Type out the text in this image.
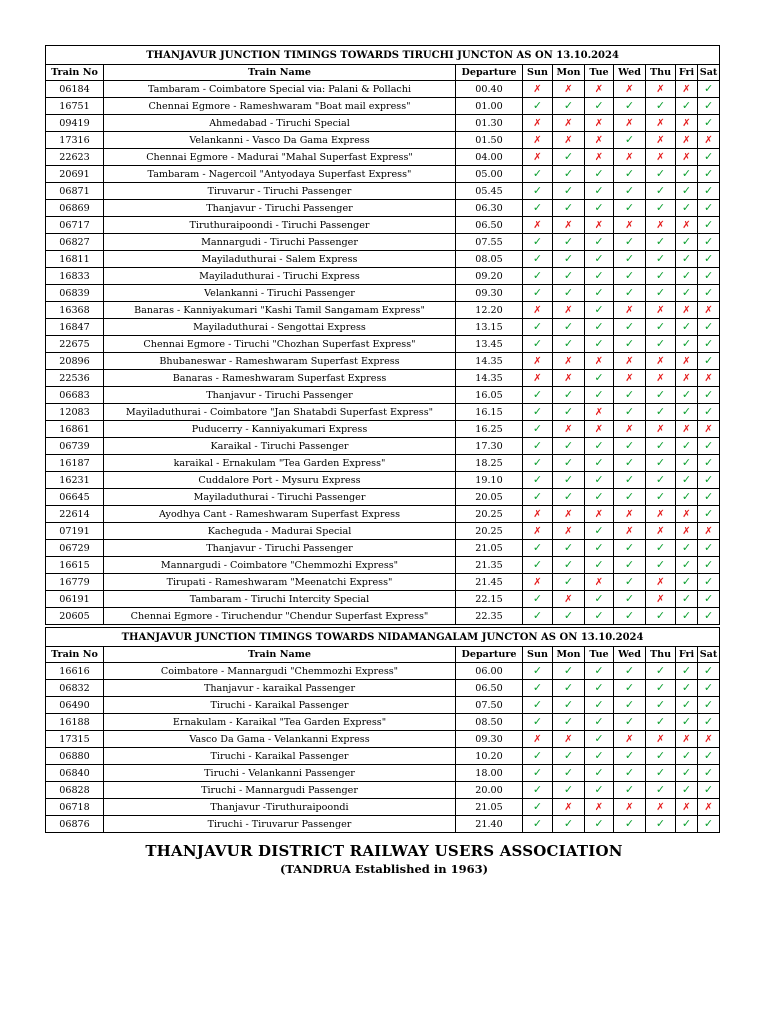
THANJAVUR JUNCTION TIMINGS TOWARDS TIRUCHI JUNCTON AS ON 13.10.2024									
Train No	Train Name	Departure	Sun	Mon	Tue	Wed	Thu	Fri	Sat
06184	Tambaram - Coimbatore Special via: Palani & Pollachi	00.40	✗	✗	✗	✗	✗	✗	✓
16751	Chennai Egmore - Rameshwaram "Boat mail express"	01.00	✓	✓	✓	✓	✓	✓	✓
09419	Ahmedabad - Tiruchi Special	01.30	✗	✗	✗	✗	✗	✗	✓
17316	Velankanni - Vasco Da Gama Express	01.50	✗	✗	✗	✓	✗	✗	✗
22623	Chennai Egmore - Madurai "Mahal Superfast Express"	04.00	✗	✓	✗	✗	✗	✗	✓
20691	Tambaram - Nagercoil "Antyodaya Superfast Express"	05.00	✓	✓	✓	✓	✓	✓	✓
06871	Tiruvarur - Tiruchi Passenger	05.45	✓	✓	✓	✓	✓	✓	✓
06869	Thanjavur - Tiruchi Passenger	06.30	✓	✓	✓	✓	✓	✓	✓
06717	Tiruthuraipoondi - Tiruchi Passenger	06.50	✗	✗	✗	✗	✗	✗	✓
06827	Mannargudi - Tiruchi Passenger	07.55	✓	✓	✓	✓	✓	✓	✓
16811	Mayiladuthurai - Salem Express	08.05	✓	✓	✓	✓	✓	✓	✓
16833	Mayiladuthurai - Tiruchi Express	09.20	✓	✓	✓	✓	✓	✓	✓
06839	Velankanni - Tiruchi Passenger	09.30	✓	✓	✓	✓	✓	✓	✓
16368	Banaras - Kanniyakumari "Kashi Tamil Sangamam Express"	12.20	✗	✗	✓	✗	✗	✗	✗
16847	Mayiladuthurai - Sengottai Express	13.15	✓	✓	✓	✓	✓	✓	✓
22675	Chennai Egmore - Tiruchi "Chozhan Superfast Express"	13.45	✓	✓	✓	✓	✓	✓	✓
20896	Bhubaneswar - Rameshwaram Superfast Express	14.35	✗	✗	✗	✗	✗	✗	✓
22536	Banaras - Rameshwaram Superfast Express	14.35	✗	✗	✓	✗	✗	✗	✗
06683	Thanjavur - Tiruchi Passenger	16.05	✓	✓	✓	✓	✓	✓	✓
12083	Mayiladuthurai - Coimbatore "Jan Shatabdi Superfast Express"	16.15	✓	✓	✗	✓	✓	✓	✓
16861	Puducerry - Kanniyakumari Express	16.25	✓	✗	✗	✗	✗	✗	✗
06739	Karaikal - Tiruchi Passenger	17.30	✓	✓	✓	✓	✓	✓	✓
16187	karaikal - Ernakulam "Tea Garden Express"	18.25	✓	✓	✓	✓	✓	✓	✓
16231	Cuddalore Port - Mysuru Express	19.10	✓	✓	✓	✓	✓	✓	✓
06645	Mayiladuthurai - Tiruchi Passenger	20.05	✓	✓	✓	✓	✓	✓	✓
22614	Ayodhya Cant - Rameshwaram Superfast Express	20.25	✗	✗	✗	✗	✗	✗	✓
07191	Kacheguda - Madurai Special	20.25	✗	✗	✓	✗	✗	✗	✗
06729	Thanjavur - Tiruchi Passenger	21.05	✓	✓	✓	✓	✓	✓	✓
16615	Mannargudi - Coimbatore "Chemmozhi Express"	21.35	✓	✓	✓	✓	✓	✓	✓
16779	Tirupati - Rameshwaram "Meenatchi Express"	21.45	✗	✓	✗	✓	✗	✓	✓
06191	Tambaram - Tiruchi Intercity Special	22.15	✓	✗	✓	✓	✗	✓	✓
20605	Chennai Egmore - Tiruchendur "Chendur Superfast Express"	22.35	✓	✓	✓	✓	✓	✓	✓
THANJAVUR JUNCTION TIMINGS TOWARDS NIDAMANGALAM JUNCTON AS ON 13.10.2024									
Train No	Train Name	Departure	Sun	Mon	Tue	Wed	Thu	Fri	Sat
16616	Coimbatore - Mannargudi "Chemmozhi Express"	06.00	✓	✓	✓	✓	✓	✓	✓
06832	Thanjavur - karaikal Passenger	06.50	✓	✓	✓	✓	✓	✓	✓
06490	Tiruchi - Karaikal Passenger	07.50	✓	✓	✓	✓	✓	✓	✓
16188	Ernakulam - Karaikal "Tea Garden Express"	08.50	✓	✓	✓	✓	✓	✓	✓
17315	Vasco Da Gama - Velankanni Express	09.30	✗	✗	✓	✗	✗	✗	✗
06880	Tiruchi - Karaikal Passenger	10.20	✓	✓	✓	✓	✓	✓	✓
06840	Tiruchi - Velankanni Passenger	18.00	✓	✓	✓	✓	✓	✓	✓
06828	Tiruchi - Mannargudi Passenger	20.00	✓	✓	✓	✓	✓	✓	✓
06718	Thanjavur -Tiruthuraipoondi	21.05	✓	✗	✗	✗	✗	✗	✗
06876	Tiruchi - Tiruvarur Passenger	21.40	✓	✓	✓	✓	✓	✓	✓
THANJAVUR DISTRICT RAILWAY USERS ASSOCIATION
(TANDRUA Established in 1963)
